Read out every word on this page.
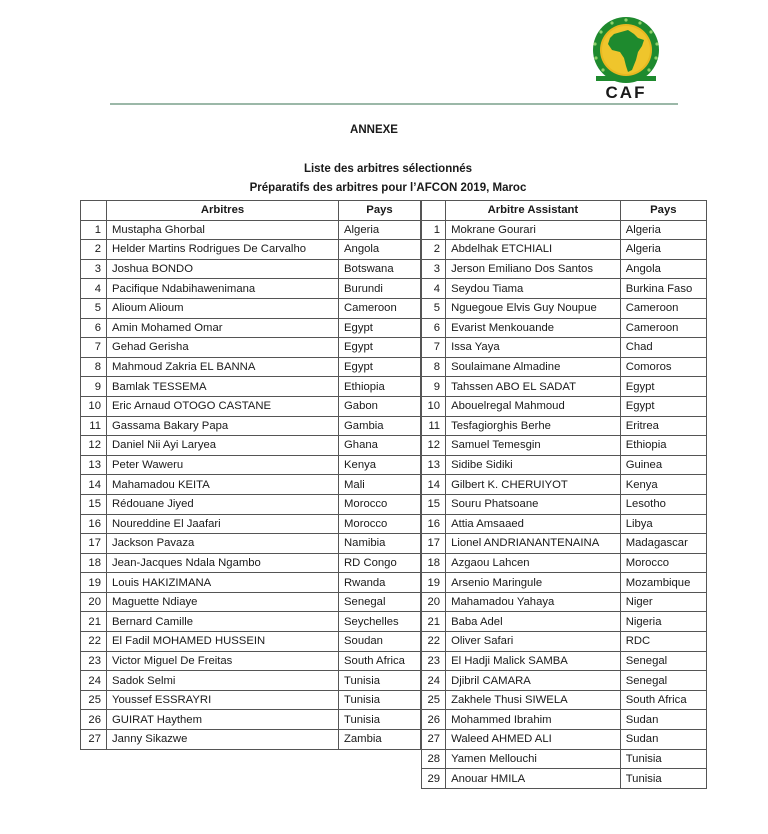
CAF
ANNEXE
Liste des arbitres sélectionnés
Préparatifs des arbitres pour l’AFCON 2019, Maroc
	Arbitres	Pays
1	Mustapha Ghorbal	Algeria
2	Helder Martins Rodrigues De Carvalho	Angola
3	Joshua BONDO	Botswana
4	Pacifique Ndabihawenimana	Burundi
5	Alioum Alioum	Cameroon
6	Amin Mohamed Omar	Egypt
7	Gehad Gerisha	Egypt
8	Mahmoud Zakria EL BANNA	Egypt
9	Bamlak TESSEMA	Ethiopia
10	Eric Arnaud OTOGO CASTANE	Gabon
11	Gassama Bakary Papa	Gambia
12	Daniel Nii Ayi Laryea	Ghana
13	Peter Waweru	Kenya
14	Mahamadou KEITA	Mali
15	Rédouane Jiyed	Morocco
16	Noureddine El Jaafari	Morocco
17	Jackson Pavaza	Namibia
18	Jean-Jacques Ndala Ngambo	RD Congo
19	Louis HAKIZIMANA	Rwanda
20	Maguette Ndiaye	Senegal
21	Bernard Camille	Seychelles
22	El Fadil MOHAMED HUSSEIN	Soudan
23	Victor Miguel De Freitas	South Africa
24	Sadok Selmi	Tunisia
25	Youssef ESSRAYRI	Tunisia
26	GUIRAT Haythem	Tunisia
27	Janny Sikazwe	Zambia
	Arbitre Assistant	Pays
1	Mokrane Gourari	Algeria
2	Abdelhak ETCHIALI	Algeria
3	Jerson Emiliano Dos Santos	Angola
4	Seydou Tiama	Burkina Faso
5	Nguegoue Elvis Guy Noupue	Cameroon
6	Evarist Menkouande	Cameroon
7	Issa Yaya	Chad
8	Soulaimane Almadine	Comoros
9	Tahssen ABO EL SADAT	Egypt
10	Abouelregal Mahmoud	Egypt
11	Tesfagiorghis Berhe	Eritrea
12	Samuel Temesgin	Ethiopia
13	Sidibe Sidiki	Guinea
14	Gilbert K. CHERUIYOT	Kenya
15	Souru Phatsoane	Lesotho
16	Attia Amsaaed	Libya
17	Lionel ANDRIANANTENAINA	Madagascar
18	Azgaou Lahcen	Morocco
19	Arsenio Maringule	Mozambique
20	Mahamadou Yahaya	Niger
21	Baba Adel	Nigeria
22	Oliver Safari	RDC
23	El Hadji Malick SAMBA	Senegal
24	Djibril CAMARA	Senegal
25	Zakhele Thusi SIWELA	South Africa
26	Mohammed Ibrahim	Sudan
27	Waleed AHMED ALI	Sudan
28	Yamen Mellouchi	Tunisia
29	Anouar HMILA	Tunisia
